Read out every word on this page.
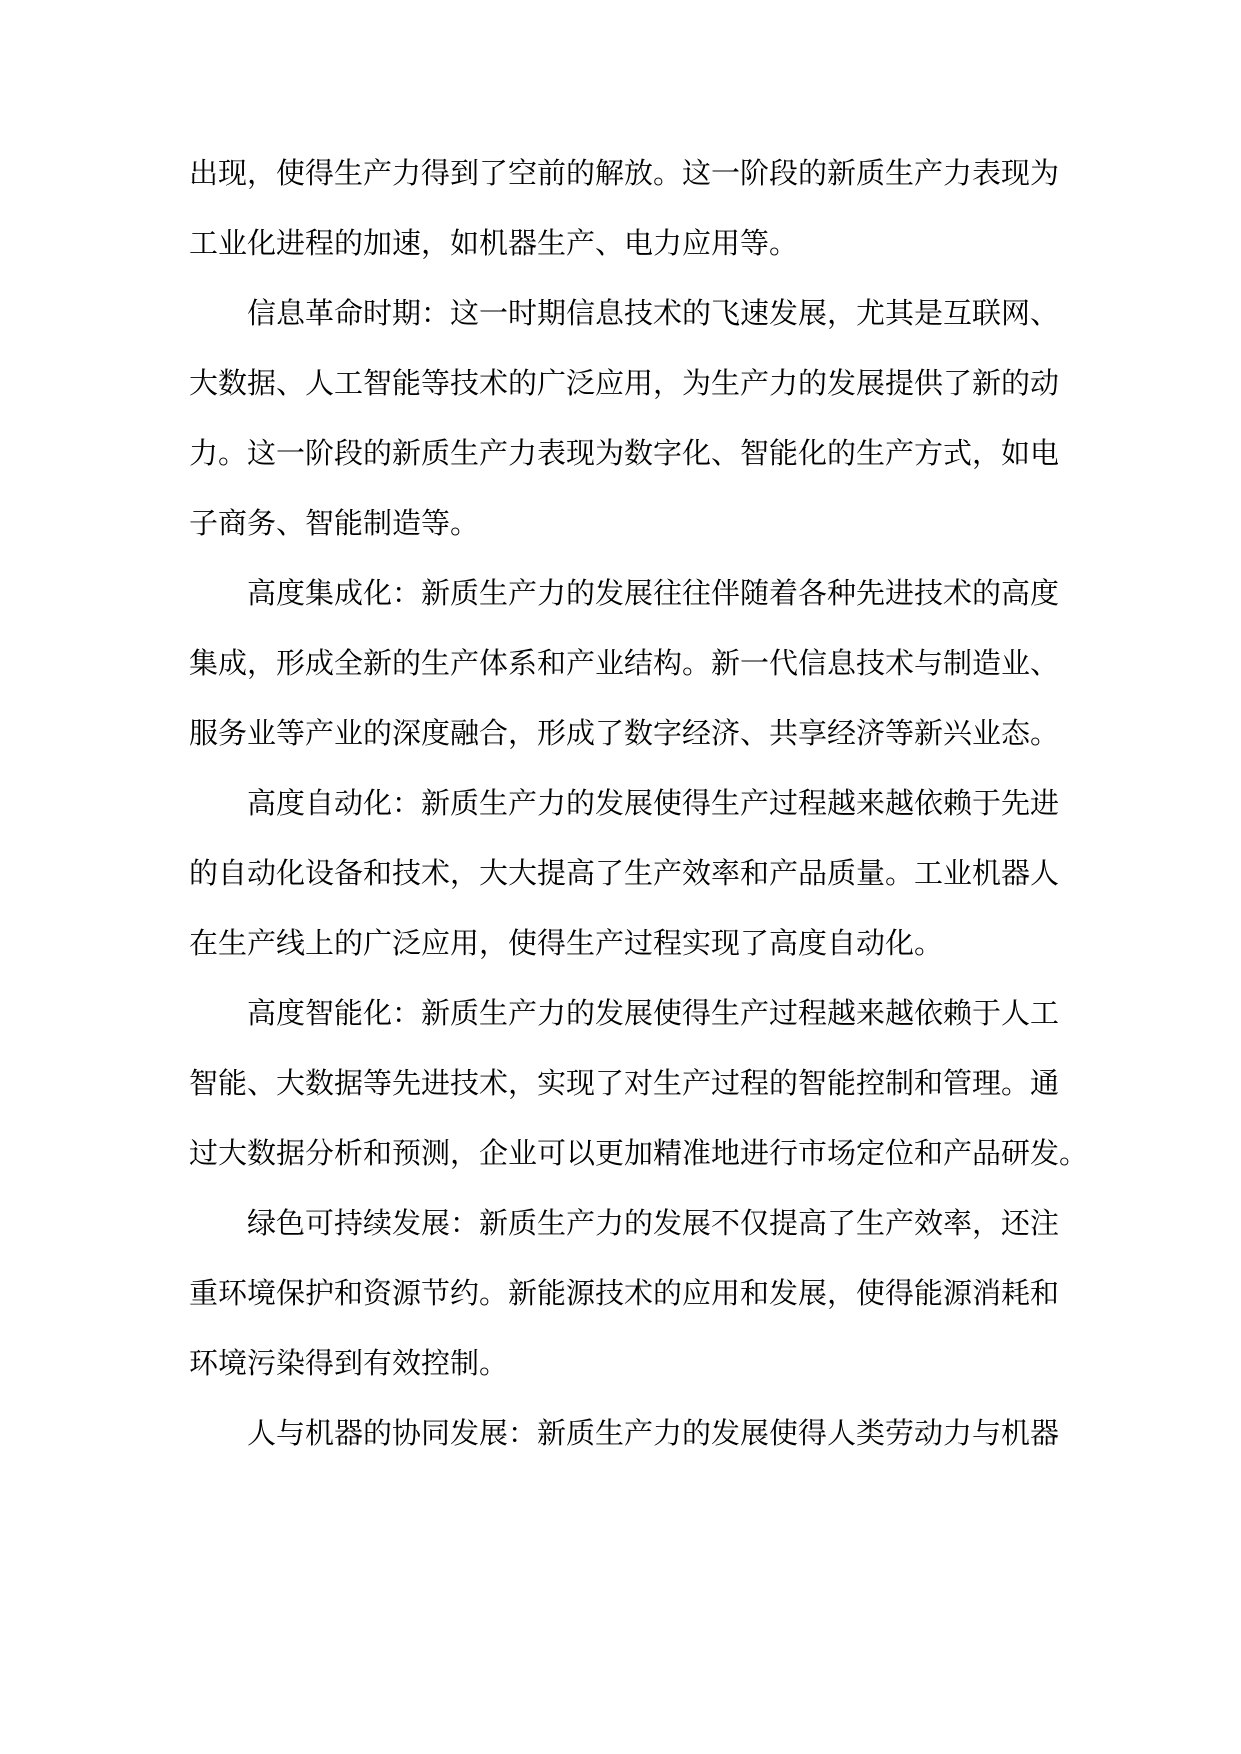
出现，使得生产力得到了空前的解放。这一阶段的新质生产力表现为
工业化进程的加速，如机器生产、电力应用等。

信息革命时期：这一时期信息技术的飞速发展，尤其是互联网、
大数据、人工智能等技术的广泛应用，为生产力的发展提供了新的动
力。这一阶段的新质生产力表现为数字化、智能化的生产方式，如电
子商务、智能制造等。

高度集成化：新质生产力的发展往往伴随着各种先进技术的高度
集成，形成全新的生产体系和产业结构。新一代信息技术与制造业、
服务业等产业的深度融合，形成了数字经济、共享经济等新兴业态。

高度自动化：新质生产力的发展使得生产过程越来越依赖于先进
的自动化设备和技术，大大提高了生产效率和产品质量。工业机器人
在生产线上的广泛应用，使得生产过程实现了高度自动化。

高度智能化：新质生产力的发展使得生产过程越来越依赖于人工
智能、大数据等先进技术，实现了对生产过程的智能控制和管理。通
过大数据分析和预测，企业可以更加精准地进行市场定位和产品研发。

绿色可持续发展：新质生产力的发展不仅提高了生产效率，还注
重环境保护和资源节约。新能源技术的应用和发展，使得能源消耗和
环境污染得到有效控制。

人与机器的协同发展：新质生产力的发展使得人类劳动力与机器
